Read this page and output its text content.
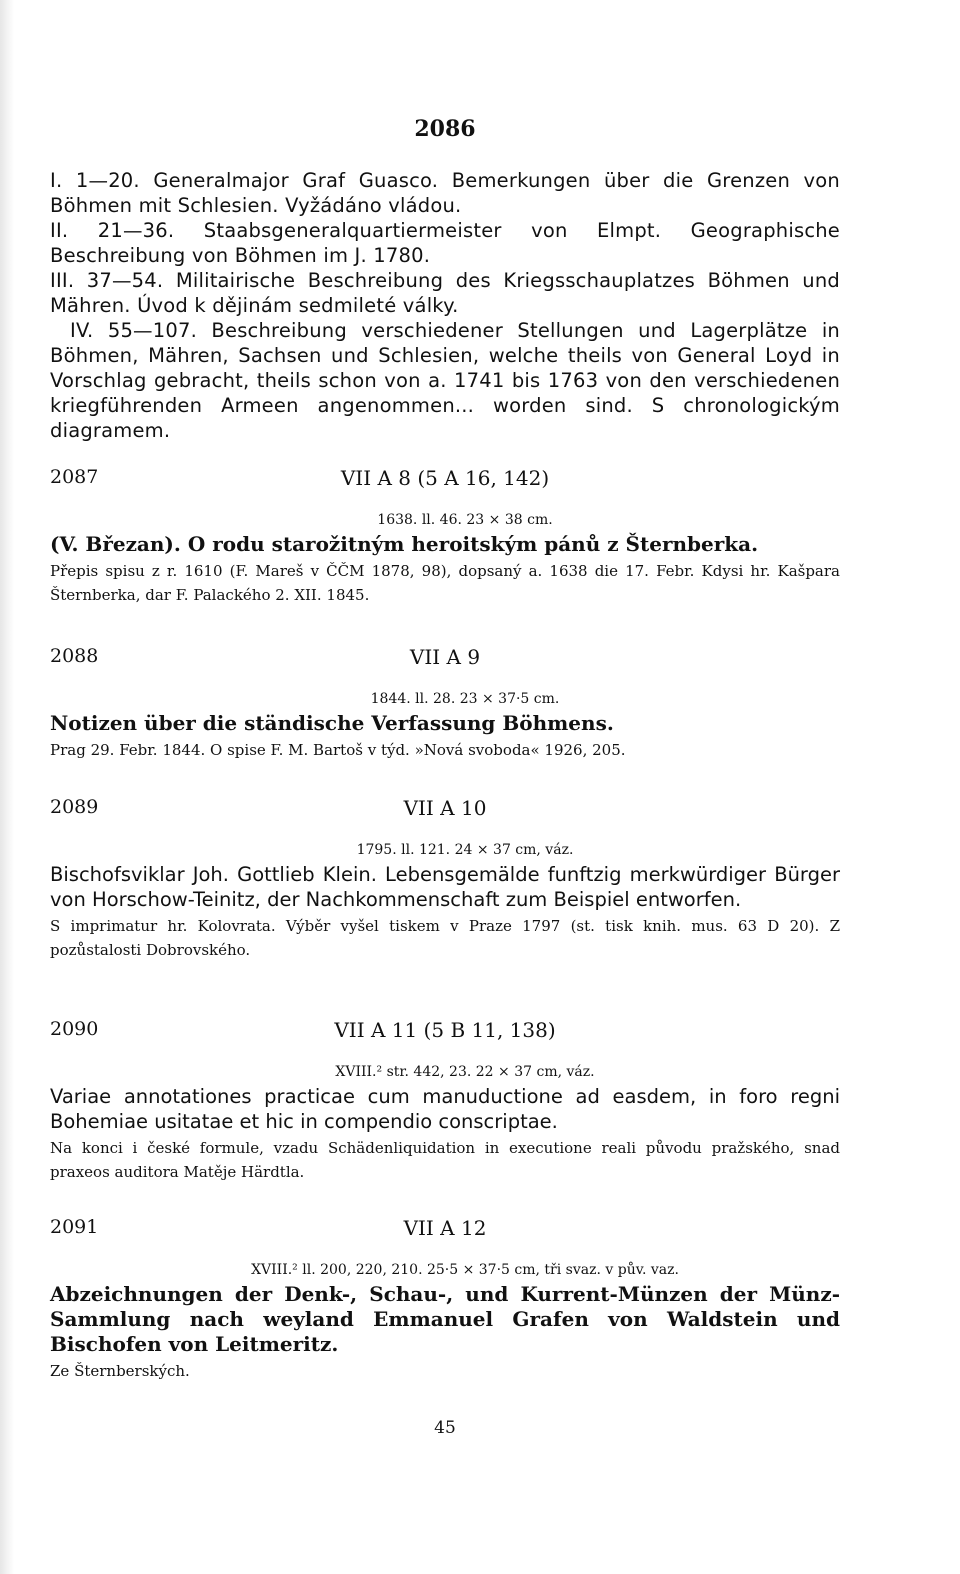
2086

I. 1—20. Generalmajor Graf Guasco. Bemerkungen über die Grenzen von Böhmen mit Schlesien. Vyžádáno vládou.

II. 21—36. Staabsgeneralquartiermeister von Elmpt. Geographische Beschreibung von Böhmen im J. 1780.

III. 37—54. Militairische Beschreibung des Kriegsschauplatzes Böhmen und Mähren. Úvod k dějinám sedmileté války.

IV. 55—107. Beschreibung verschiedener Stellungen und Lagerplätze in Böhmen, Mähren, Sachsen und Schlesien, welche theils von General Loyd in Vorschlag gebracht, theils schon von a. 1741 bis 1763 von den verschiedenen kriegführenden Armeen angenommen... worden sind. S chronologickým diagramem.

2087	VII A 8 (5 A 16, 142)

1638. ll. 46. 23 × 38 cm.

(V. Březan). O rodu starožitným heroitským pánů z Šternberka.

Přepis spisu z r. 1610 (F. Mareš v ČČM 1878, 98), dopsaný a. 1638 die 17. Febr. Kdysi hr. Kašpara Šternberka, dar F. Palackého 2. XII. 1845.

2088	VII A 9

1844. ll. 28. 23 × 37·5 cm.

Notizen über die ständische Verfassung Böhmens.

Prag 29. Febr. 1844. O spise F. M. Bartoš v týd. »Nová svoboda« 1926, 205.

2089	VII A 10

1795. ll. 121. 24 × 37 cm, váz.

Bischofsviklar Joh. Gottlieb Klein. Lebensgemälde funftzig merkwürdiger Bürger von Horschow-Teinitz, der Nachkommenschaft zum Beispiel entworfen.

S imprimatur hr. Kolovrata. Výběr vyšel tiskem v Praze 1797 (st. tisk knih. mus. 63 D 20). Z pozůstalosti Dobrovského.

2090	VII A 11 (5 B 11, 138)

XVIII.² str. 442, 23. 22 × 37 cm, váz.

Variae annotationes practicae cum manuductione ad easdem, in foro regni Bohemiae usitatae et hic in compendio conscriptae.

Na konci i české formule, vzadu Schädenliquidation in executione reali původu pražského, snad praxeos auditora Matěje Härdtla.

2091	VII A 12

XVIII.² ll. 200, 220, 210. 25·5 × 37·5 cm, tři svaz. v pův. vaz.

Abzeichnungen der Denk-, Schau-, und Kurrent-Münzen der Münz-Sammlung nach weyland Emmanuel Grafen von Waldstein und Bischofen von Leitmeritz.

Ze Šternberských.

45
